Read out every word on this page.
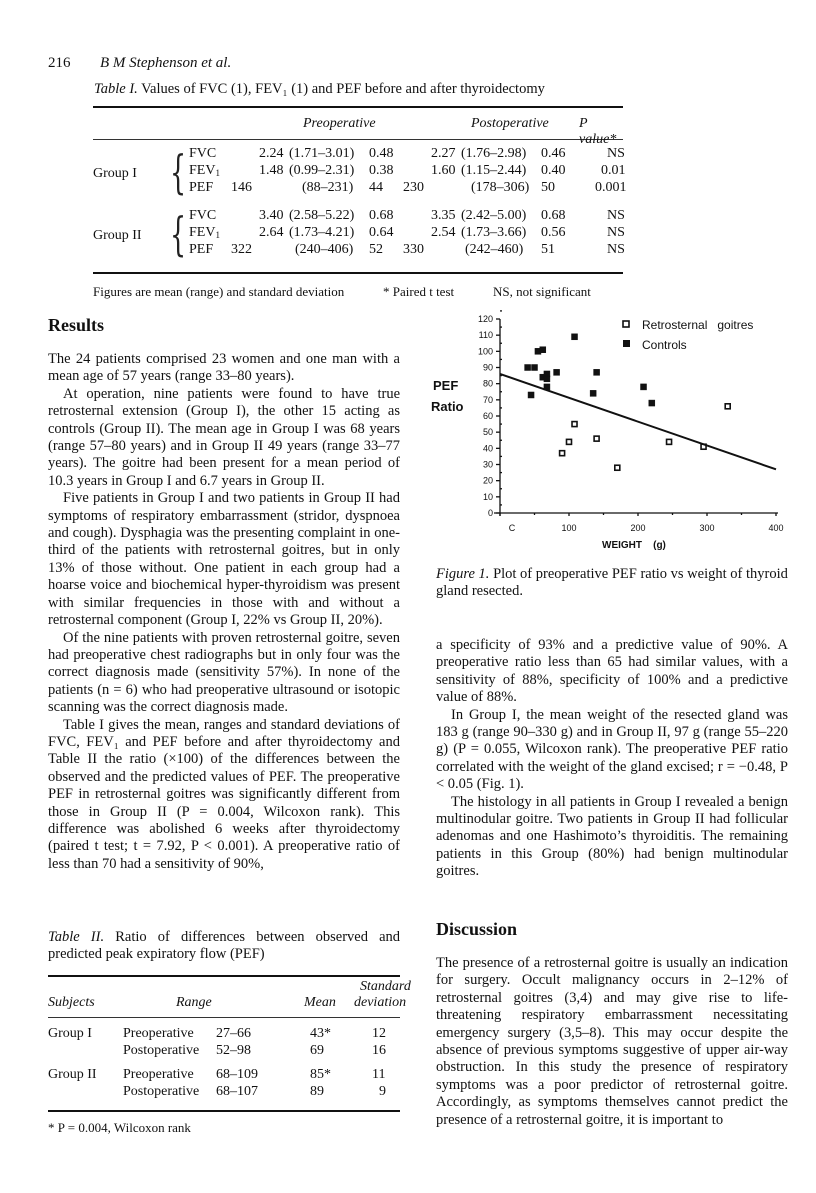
216 B M Stephenson et al.
Table I. Values of FVC (1), FEV₁ (1) and PEF before and after thyroidectomy
Preoperative	Postoperative P value*
Group I { FVC	2.24 (1.71–3.01) 0.48	2.27 (1.76–2.98) 0.46	NS
$FEV_1$	1.48 (0.99–2.31) 0.38	1.60 (1.15–2.44) 0.40	0.01
PEF 146	(88–231) 44 230	(178–306) 50	0.001
Group II { FVC	3.40 (2.58–5.22) 0.68	3.35 (2.42–5.00) 0.68	NS
$FEV_1$	2.64 (1.73–4.21) 0.64	2.54 (1.73–3.66) 0.56	NS
PEF 322	(240–406) 52 330	(242–460) 51	NS
Figures are mean (range) and standard deviation	* Paired t test	NS, not significant
Results

The 24 patients comprised 23 women and one man with a mean age of 57 years (range 33–80 years).

At operation, nine patients were found to have true retrosternal extension (Group I), the other 15 acting as controls (Group II). The mean age in Group I was 68 years (range 57–80 years) and in Group II 49 years (range 33–77 years). The goitre had been present for a mean period of 10.3 years in Group I and 6.7 years in Group II.

Five patients in Group I and two patients in Group II had symptoms of respiratory embarrassment (stridor, dyspnoea and cough). Dysphagia was the presenting complaint in one-third of the patients with retrosternal goitres, but in only 13% of those without. One patient in each group had a hoarse voice and biochemical hyper-thyroidism was present with similar frequencies in those with and without a retrosternal component (Group I, 22% vs Group II, 20%).

Of the nine patients with proven retrosternal goitre, seven had preoperative chest radiographs but in only four was the correct diagnosis made (sensitivity 57%). In none of the patients (n = 6) who had preoperative ultrasound or isotopic scanning was the correct diagnosis made.

Table I gives the mean, ranges and standard deviations of FVC, FEV₁ and PEF before and after thyroidectomy and Table II the ratio (×100) of the differences between the observed and the predicted values of PEF. The preoperative PEF in retrosternal goitres was significantly different from those in Group II (P = 0.004, Wilcoxon rank). This difference was abolished 6 weeks after thyroidectomy (paired t test; t = 7.92, P < 0.001). A preoperative ratio of less than 70 had a sensitivity of 90%,

0
10
20
30
40
50
60
70
80
90
100
110
120
C	100	200	300	400
PEF
Ratio
WEIGHT    (g)
Retrosternal   goitres
Controls

Figure 1. Plot of preoperative PEF ratio vs weight of thyroid gland resected.

a specificity of 93% and a predictive value of 90%. A preoperative ratio less than 65 had similar values, with a sensitivity of 88%, specificity of 100% and a predictive value of 88%.

In Group I, the mean weight of the resected gland was 183 g (range 90–330 g) and in Group II, 97 g (range 55–220 g) (P = 0.055, Wilcoxon rank). The preoperative PEF ratio correlated with the weight of the gland excised; r = −0.48, P < 0.05 (Fig. 1).

The histology in all patients in Group I revealed a benign multinodular goitre. Two patients in Group II had follicular adenomas and one Hashimoto’s thyroiditis. The remaining patients in this Group (80%) had benign multinodular goitres.

Table II. Ratio of differences between observed and predicted peak expiratory flow (PEF)

Subjects	Range	Mean
Standard
deviation
Group I Preoperative 27–66	43*	12
Postoperative 52–98	69	16
Group II Preoperative 68–109	85*	11
Postoperative 68–107	89	9
* P = 0.004, Wilcoxon rank
Discussion

The presence of a retrosternal goitre is usually an indication for surgery. Occult malignancy occurs in 2–12% of retrosternal goitres (3,4) and may give rise to life-threatening respiratory embarrassment necessitating emergency surgery (3,5–8). This may occur despite the absence of previous symptoms suggestive of upper air-way obstruction. In this study the presence of respiratory symptoms was a poor predictor of retrosternal goitre. Accordingly, as symptoms themselves cannot predict the presence of a retrosternal goitre, it is important to
